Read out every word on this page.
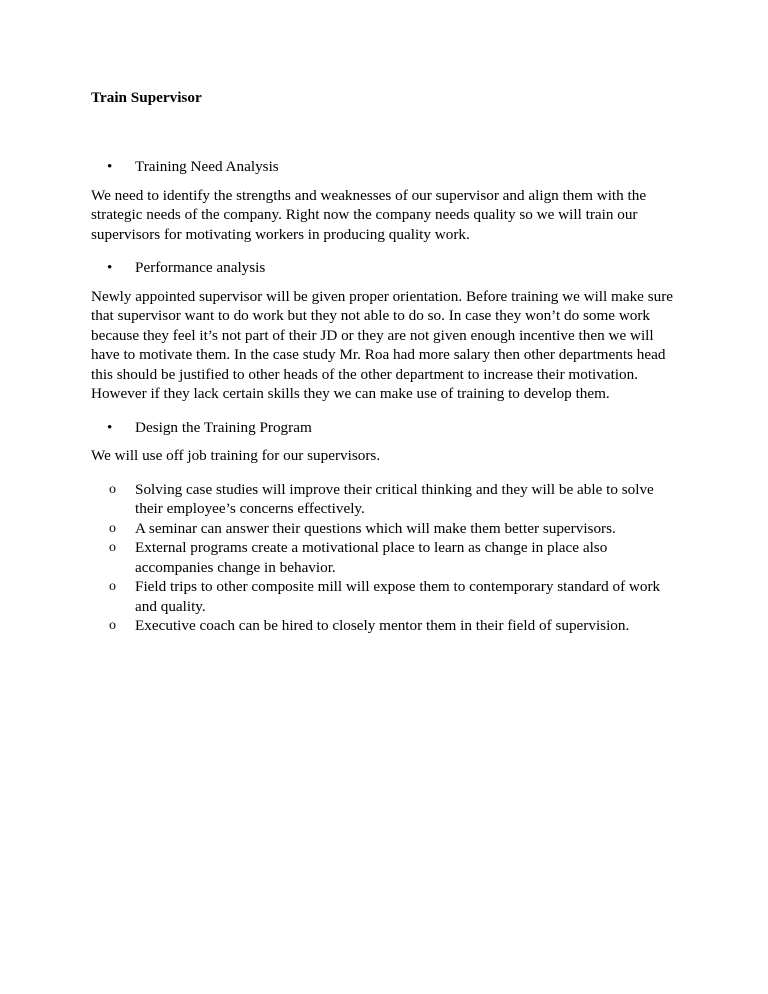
Train Supervisor

• Training Need Analysis

We need to identify the strengths and weaknesses of our supervisor and align them with the strategic needs of the company. Right now the company needs quality so we will train our supervisors for motivating workers in producing quality work.

• Performance analysis

Newly appointed supervisor will be given proper orientation. Before training we will make sure that supervisor want to do work but they not able to do so. In case they won’t do some work because they feel it’s not part of their JD or they are not given enough incentive then we will have to motivate them. In the case study Mr. Roa had more salary then other departments head this should be justified to other heads of the other department to increase their motivation. However if they lack certain skills they we can make use of training to develop them.

• Design the Training Program

We will use off job training for our supervisors.

o Solving case studies will improve their critical thinking and they will be able to solve their employee’s concerns effectively.
o A seminar can answer their questions which will make them better supervisors.
o External programs create a motivational place to learn as change in place also accompanies change in behavior.
o Field trips to other composite mill will expose them to contemporary standard of work and quality.
o Executive coach can be hired to closely mentor them in their field of supervision.
